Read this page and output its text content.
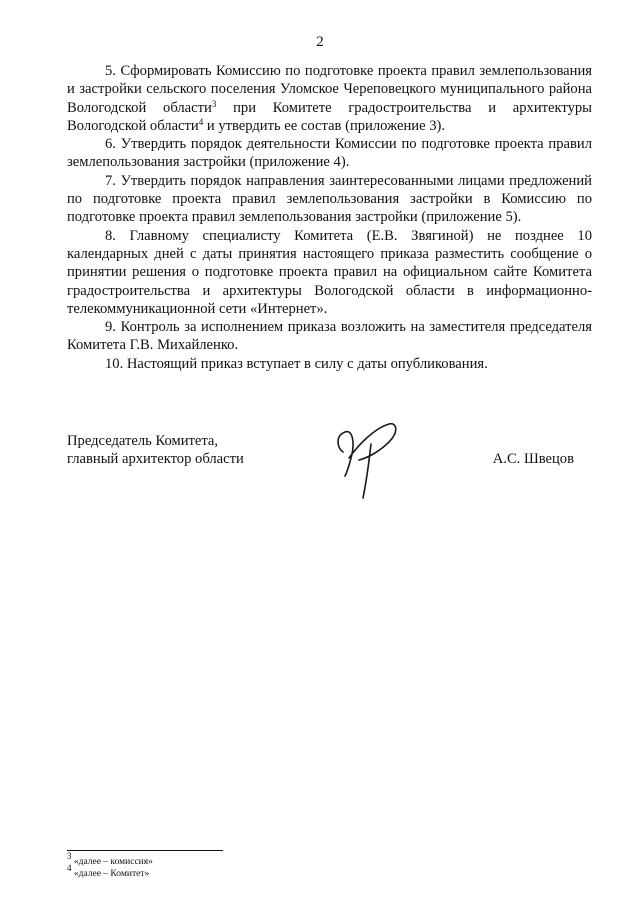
2

5. Сформировать Комиссию по подготовке проекта правил землепользования и застройки сельского поселения Уломское Череповецкого муниципального района Вологодской области$^3$ при Комитете градостроительства и архитектуры Вологодской области$^4$ и утвердить ее состав (приложение 3).

6. Утвердить порядок деятельности Комиссии по подготовке проекта правил землепользования застройки (приложение 4).

7. Утвердить порядок направления заинтересованными лицами предложений по подготовке проекта правил землепользования застройки в Комиссию по подготовке проекта правил землепользования застройки (приложение 5).

8. Главному специалисту Комитета (Е.В. Звягиной) не позднее 10 календарных дней с даты принятия настоящего приказа разместить сообщение о принятии решения о подготовке проекта правил на официальном сайте Комитета градостроительства и архитектуры Вологодской области в информационно-телекоммуникационной сети «Интернет».

9. Контроль за исполнением приказа возложить на заместителя председателя Комитета Г.В. Михайленко.

10. Настоящий приказ вступает в силу с даты опубликования.

Председатель Комитета,
главный архитектор области	А.С. Швецов
$^3$ «далее – комиссия»
$^4$ «далее – Комитет»
